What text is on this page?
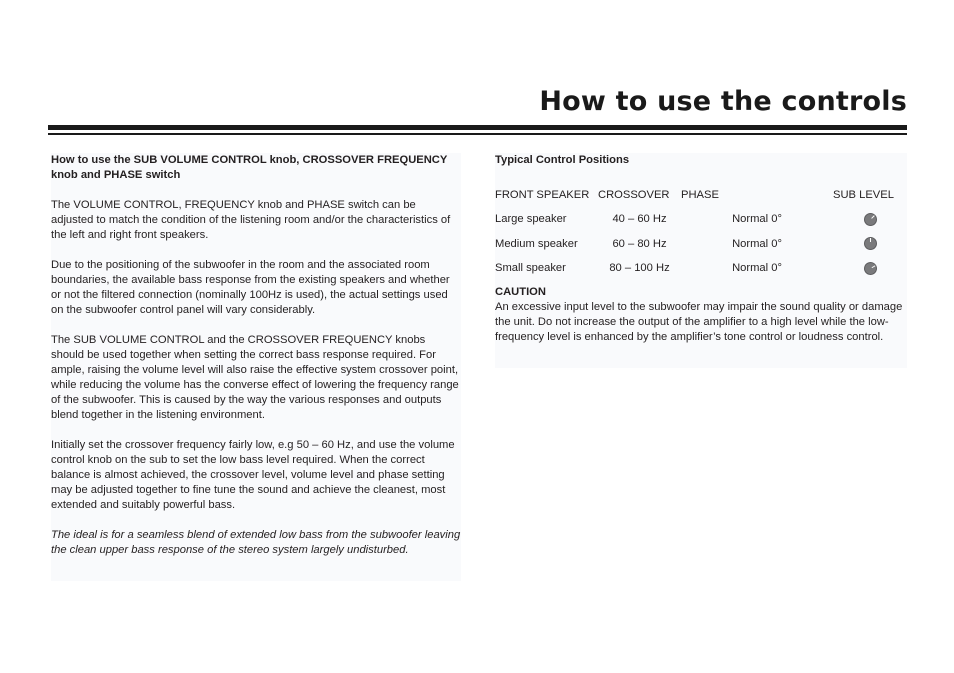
How to use the controls

How to use the SUB VOLUME CONTROL knob, CROSSOVER FREQUENCY knob and PHASE switch

The VOLUME CONTROL, FREQUENCY knob and PHASE switch can be adjusted to match the condition of the listening room and/or the characteristics of the left and right front speakers.

Due to the positioning of the subwoofer in the room and the associated room boundaries, the available bass response from the existing speakers and whether or not the filtered connection (nominally 100Hz is used), the actual settings used on the subwoofer control panel will vary considerably.

The SUB VOLUME CONTROL and the CROSSOVER FREQUENCY knobs should be used together when setting the correct bass response required. For ample, raising the volume level will also raise the effective system crossover point, while reducing the volume has the converse effect of lowering the frequency range of the subwoofer. This is caused by the way the various responses and outputs blend together in the listening environment.

Initially set the crossover frequency fairly low, e.g 50 – 60 Hz, and use the volume control knob on the sub to set the low bass level required. When the correct balance is almost achieved, the crossover level, volume level and phase setting may be adjusted together to fine tune the sound and achieve the cleanest, most extended and suitably powerful bass.

The ideal is for a seamless blend of extended low bass from the subwoofer leaving the clean upper bass response of the stereo system largely undisturbed.

Typical Control Positions

FRONT SPEAKER	CROSSOVER	PHASE	SUB LEVEL
Large speaker	40 – 60 Hz	Normal 0°	
Medium speaker	60 – 80 Hz	Normal 0°	
Small speaker	80 – 100 Hz	Normal 0°	

CAUTION

An excessive input level to the subwoofer may impair the sound quality or damage the unit. Do not increase the output of the amplifier to a high level while the low-frequency level is enhanced by the amplifier’s tone control or loudness control.
